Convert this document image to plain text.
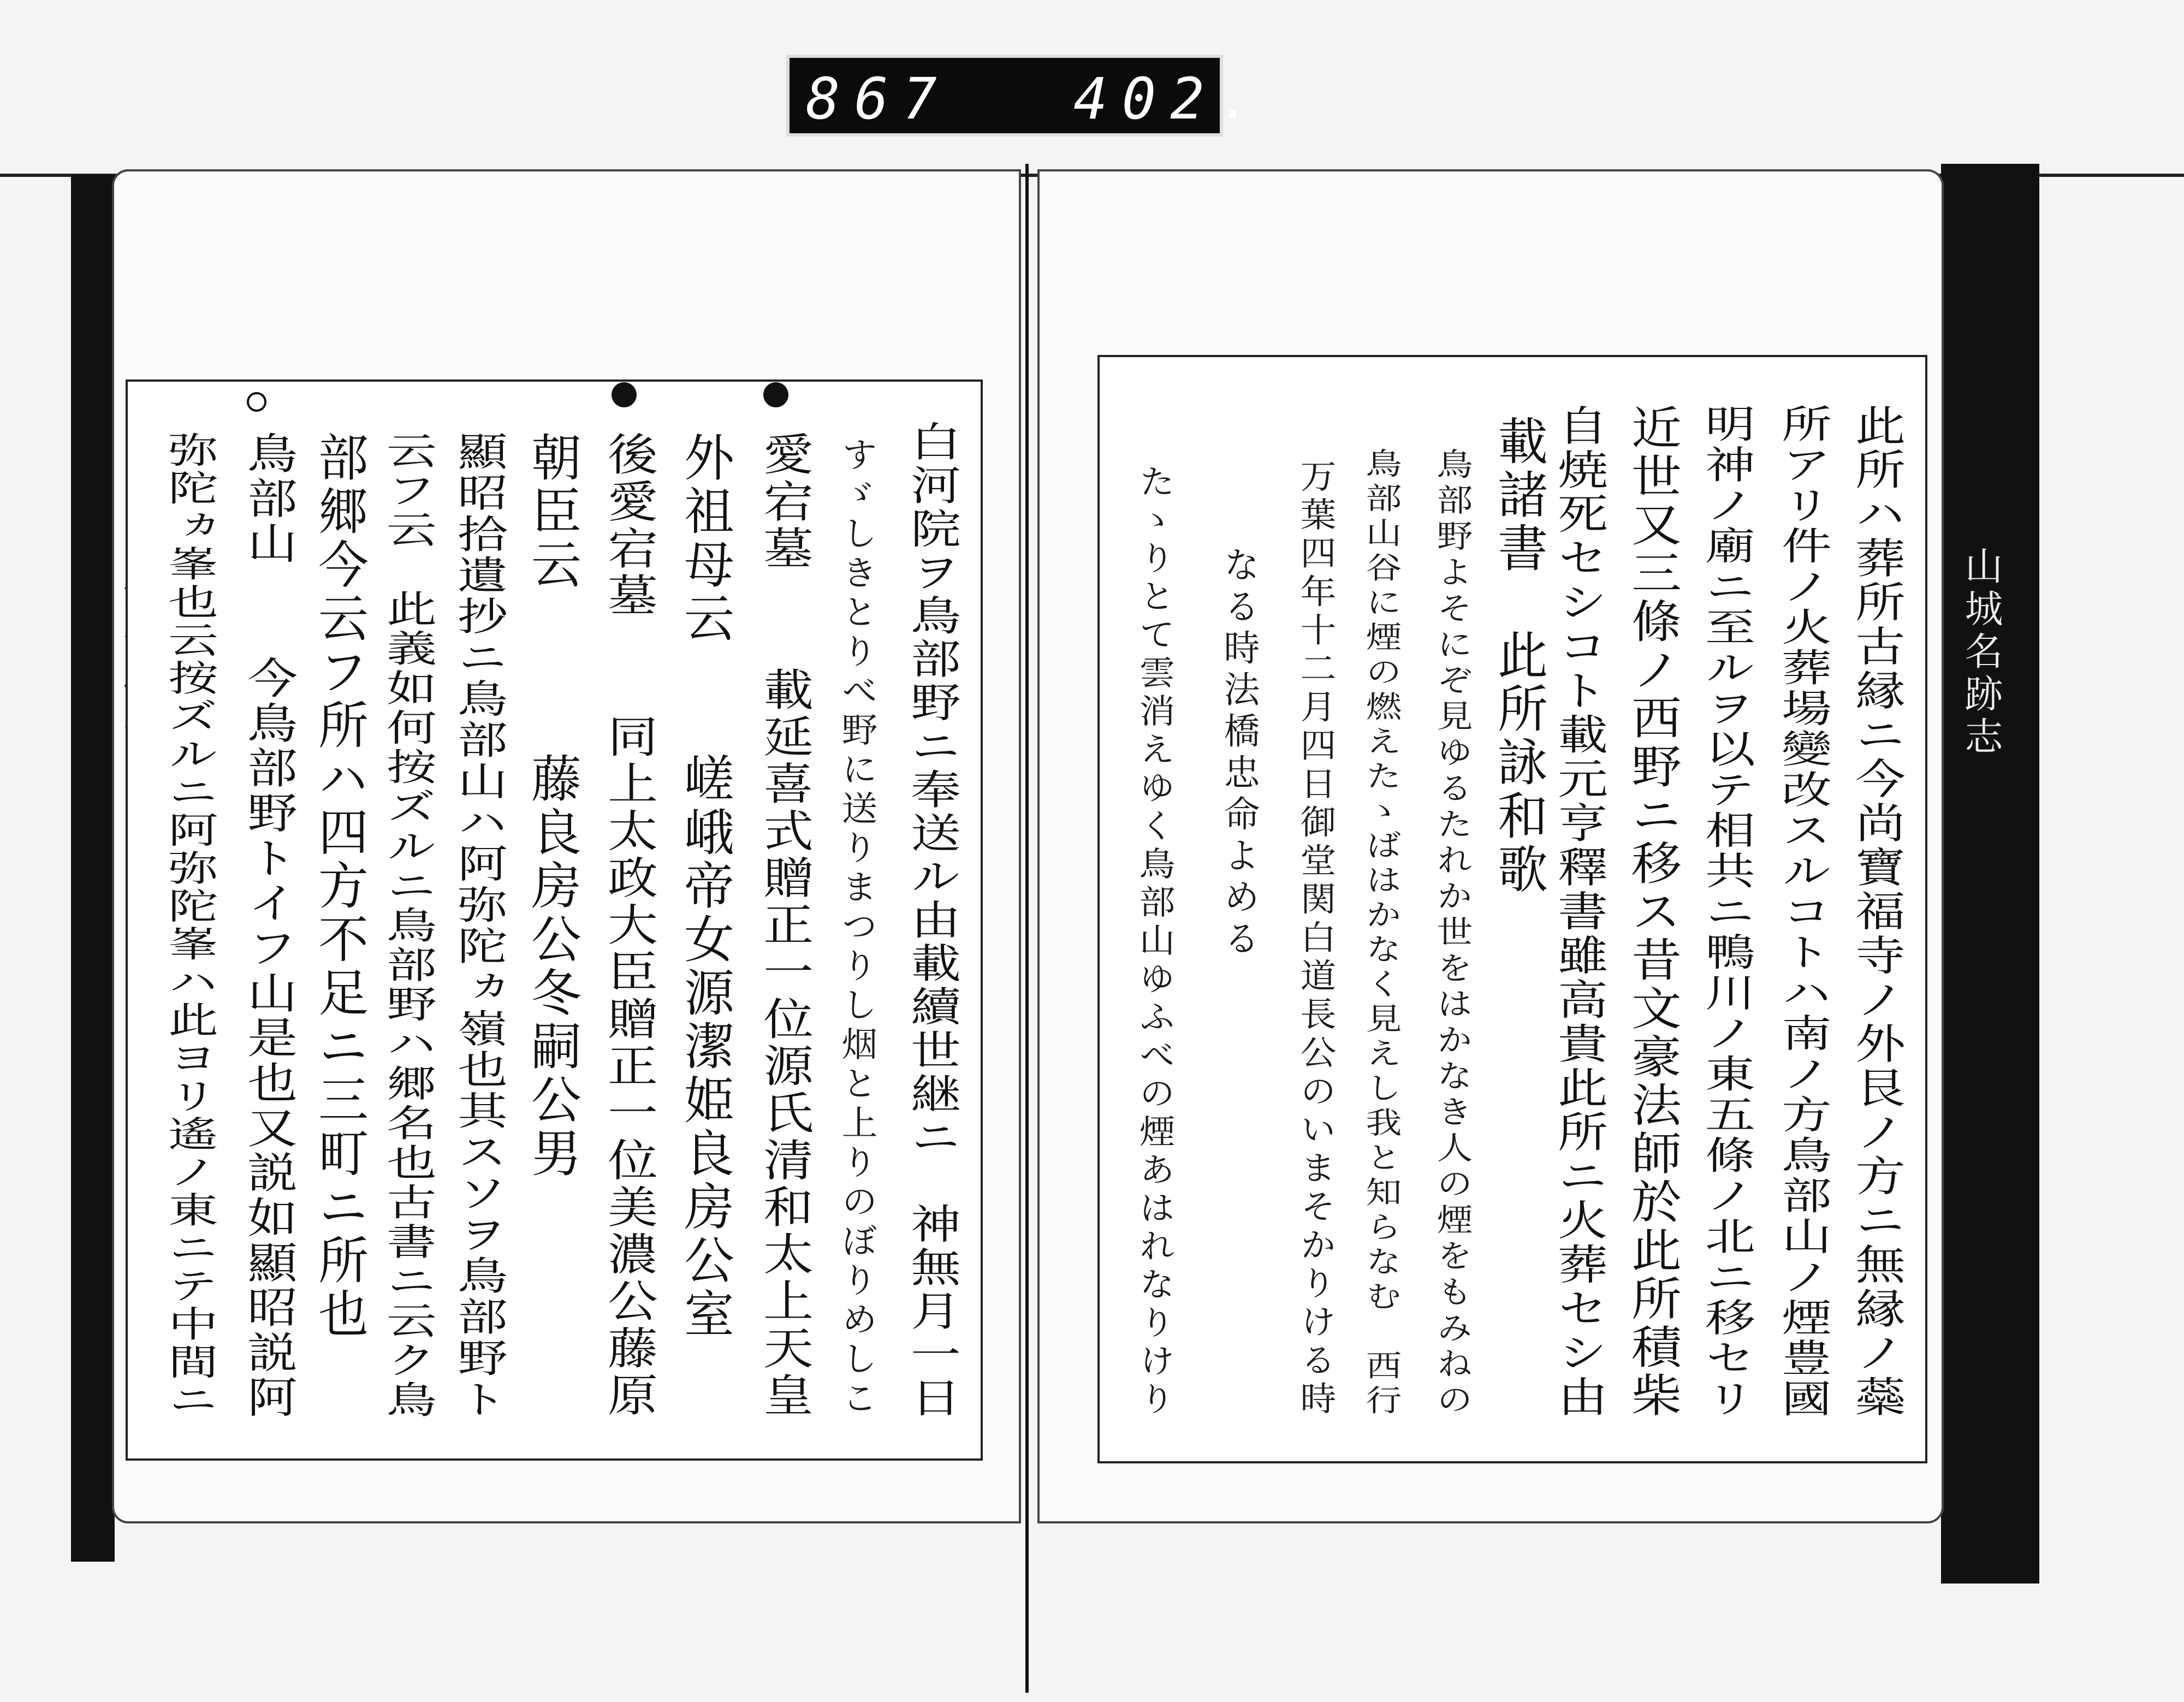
867 402.
山城名跡志
白河院ヲ鳥部野ニ奉送ル由載續世継ニ　神無月一日
すゞしきとりべ野に送りまつりし烟と上りのぼりめしこ
愛宕墓　　載延喜式贈正一位源氏清和太上天皇
外祖母云　　嵯峨帝女源潔姫良房公室
後愛宕墓　　同上太政大臣贈正一位美濃公藤原
朝臣云　　　藤良房公冬嗣公男
顯昭拾遺抄ニ鳥部山ハ阿弥陀ヵ嶺也其スソヲ鳥部野ト
云フ云　此義如何按ズルニ鳥部野ハ郷名也古書ニ云ク鳥
部郷今云フ所ハ四方不足ニ三町ニ所也
鳥部山　　今鳥部野トイフ山是也又説如顯昭説阿
弥陀ヵ峯也云按ズルニ阿弥陀峯ハ此ヨリ遙ノ東ニテ中間ニ	此所ハ葬所古縁ニ今尚寶福寺ノ外艮ノ方ニ無縁ノ蘂
所アリ件ノ火葬場變改スルコトハ南ノ方鳥部山ノ煙豊國
明神ノ廟ニ至ルヲ以テ相共ニ鴨川ノ東五條ノ北ニ移セリ
近世又三條ノ西野ニ移ス昔文豪法師於此所積柴
自焼死セシコト載元亨釋書雖高貴此所ニ火葬セシ由
載諸書　此所詠和歌
鳥部野よそにぞ見ゆるたれか世をはかなき人の煙をもみねの
鳥部山谷に煙の燃えたゝばはかなく見えし我と知らなむ　西行
万葉四年十二月四日御堂関白道長公のいまそかりける時
なる時法橋忠命よめる
たゝりとて雲消えゆく鳥部山ゆふべの煙あはれなりけり
